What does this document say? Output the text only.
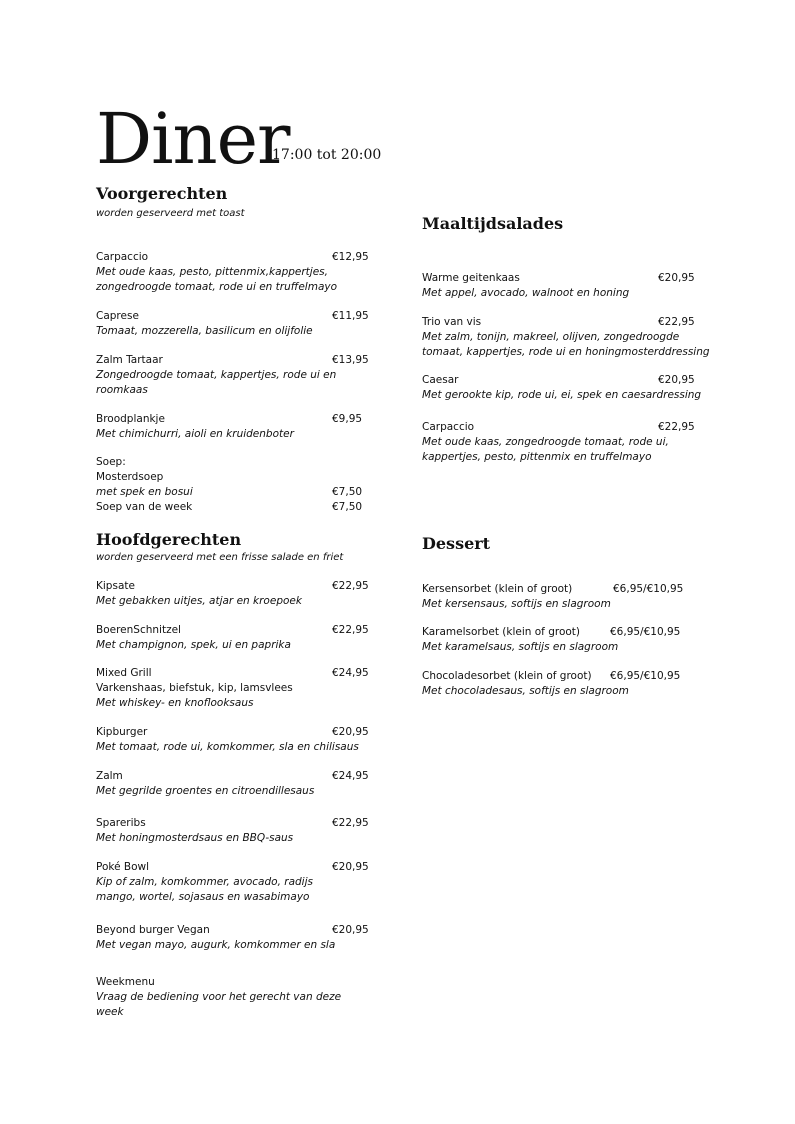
Diner
17:00 tot 20:00
Voorgerechten
worden geserveerd met toast
Carpaccio	€12,95
Met oude kaas, pesto, pittenmix,kappertjes,
zongedroogde tomaat, rode ui en truffelmayo
Caprese	€11,95
Tomaat, mozzerella, basilicum en olijfolie
Zalm Tartaar	€13,95
Zongedroogde tomaat, kappertjes, rode ui en
roomkaas
Broodplankje	€9,95
Met chimichurri, aioli en kruidenboter
Soep:
Mosterdsoep
met spek en bosui	€7,50
Soep van de week	€7,50
Hoofdgerechten
worden geserveerd met een frisse salade en friet
Kipsate	€22,95
Met gebakken uitjes, atjar en kroepoek
BoerenSchnitzel	€22,95
Met champignon, spek, ui en paprika
Mixed Grill	€24,95
Varkenshaas, biefstuk, kip, lamsvlees
Met whiskey- en knoflooksaus
Kipburger	€20,95
Met tomaat, rode ui, komkommer, sla en chilisaus
Zalm	€24,95
Met gegrilde groentes en citroendillesaus
Spareribs	€22,95
Met honingmosterdsaus en BBQ-saus
Poké Bowl	€20,95
Kip of zalm, komkommer, avocado, radijs
mango, wortel, sojasaus en wasabimayo
Beyond burger Vegan	€20,95
Met vegan mayo, augurk, komkommer en sla
Weekmenu
Vraag de bediening voor het gerecht van deze
week
Maaltijdsalades
Warme geitenkaas	€20,95
Met appel, avocado, walnoot en honing
Trio van vis	€22,95
Met zalm, tonijn, makreel, olijven, zongedroogde
tomaat, kappertjes, rode ui en honingmosterddressing
Caesar	€20,95
Met gerookte kip, rode ui, ei, spek en caesardressing
Carpaccio	€22,95
Met oude kaas, zongedroogde tomaat, rode ui,
kappertjes, pesto, pittenmix en truffelmayo
Dessert
Kersensorbet (klein of groot)	€6,95/€10,95
Met kersensaus, softijs en slagroom
Karamelsorbet (klein of groot)	€6,95/€10,95
Met karamelsaus, softijs en slagroom
Chocoladesorbet (klein of groot) €6,95/€10,95
Met chocoladesaus, softijs en slagroom
